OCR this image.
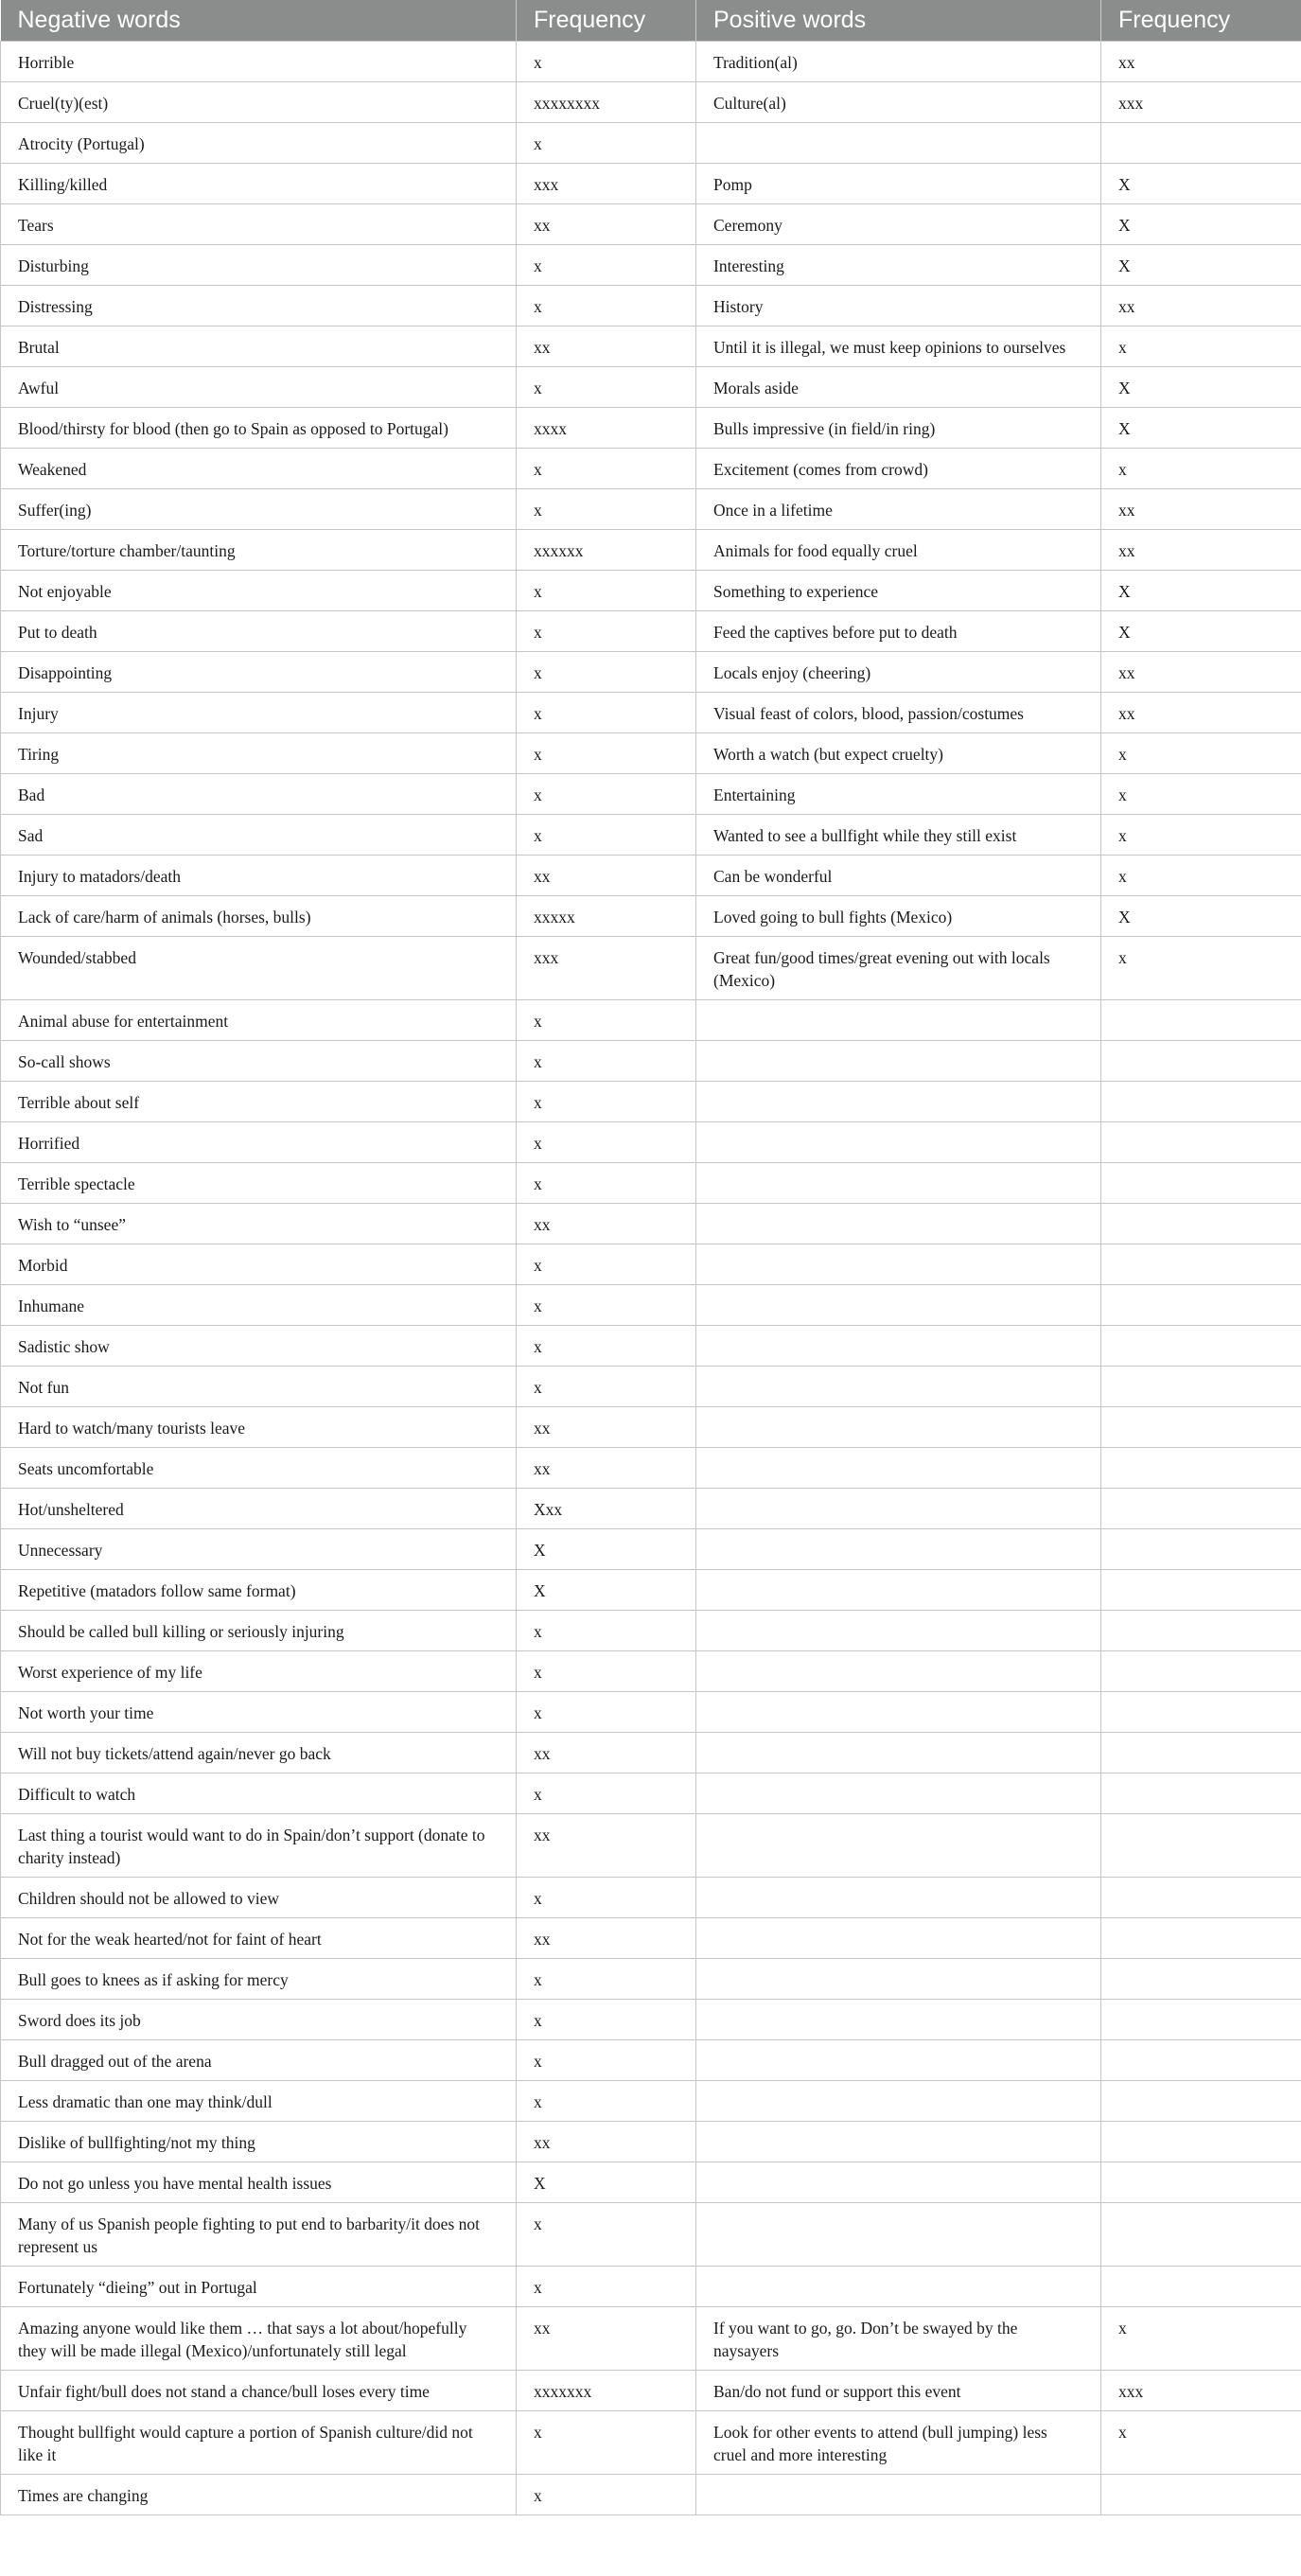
Negative words	Frequency	Positive words	Frequency
Horrible	x	Tradition(al)	xx
Cruel(ty)(est)	xxxxxxxx	Culture(al)	xxx
Atrocity (Portugal)	x		
Killing/killed	xxx	Pomp	X
Tears	xx	Ceremony	X
Disturbing	x	Interesting	X
Distressing	x	History	xx
Brutal	xx	Until it is illegal, we must keep opinions to ourselves	x
Awful	x	Morals aside	X
Blood/thirsty for blood (then go to Spain as opposed to Portugal)	xxxx	Bulls impressive (in field/in ring)	X
Weakened	x	Excitement (comes from crowd)	x
Suffer(ing)	x	Once in a lifetime	xx
Torture/torture chamber/taunting	xxxxxx	Animals for food equally cruel	xx
Not enjoyable	x	Something to experience	X
Put to death	x	Feed the captives before put to death	X
Disappointing	x	Locals enjoy (cheering)	xx
Injury	x	Visual feast of colors, blood, passion/costumes	xx
Tiring	x	Worth a watch (but expect cruelty)	x
Bad	x	Entertaining	x
Sad	x	Wanted to see a bullfight while they still exist	x
Injury to matadors/death	xx	Can be wonderful	x
Lack of care/harm of animals (horses, bulls)	xxxxx	Loved going to bull fights (Mexico)	X
Wounded/stabbed	xxx	Great fun/good times/great evening out with locals (Mexico)	x
Animal abuse for entertainment	x		
So-call shows	x		
Terrible about self	x		
Horrified	x		
Terrible spectacle	x		
Wish to “unsee”	xx		
Morbid	x		
Inhumane	x		
Sadistic show	x		
Not fun	x		
Hard to watch/many tourists leave	xx		
Seats uncomfortable	xx		
Hot/unsheltered	Xxx		
Unnecessary	X		
Repetitive (matadors follow same format)	X		
Should be called bull killing or seriously injuring	x		
Worst experience of my life	x		
Not worth your time	x		
Will not buy tickets/attend again/never go back	xx		
Difficult to watch	x		
Last thing a tourist would want to do in Spain/don’t support (donate to charity instead)	xx		
Children should not be allowed to view	x		
Not for the weak hearted/not for faint of heart	xx		
Bull goes to knees as if asking for mercy	x		
Sword does its job	x		
Bull dragged out of the arena	x		
Less dramatic than one may think/dull	x		
Dislike of bullfighting/not my thing	xx		
Do not go unless you have mental health issues	X		
Many of us Spanish people fighting to put end to barbarity/it does not represent us	x		
Fortunately “dieing” out in Portugal	x		
Amazing anyone would like them … that says a lot about/hopefully they will be made illegal (Mexico)/unfortunately still legal	xx	If you want to go, go. Don’t be swayed by the naysayers	x
Unfair fight/bull does not stand a chance/bull loses every time	xxxxxxx	Ban/do not fund or support this event	xxx
Thought bullfight would capture a portion of Spanish culture/did not like it	x	Look for other events to attend (bull jumping) less cruel and more interesting	x
Times are changing	x		
